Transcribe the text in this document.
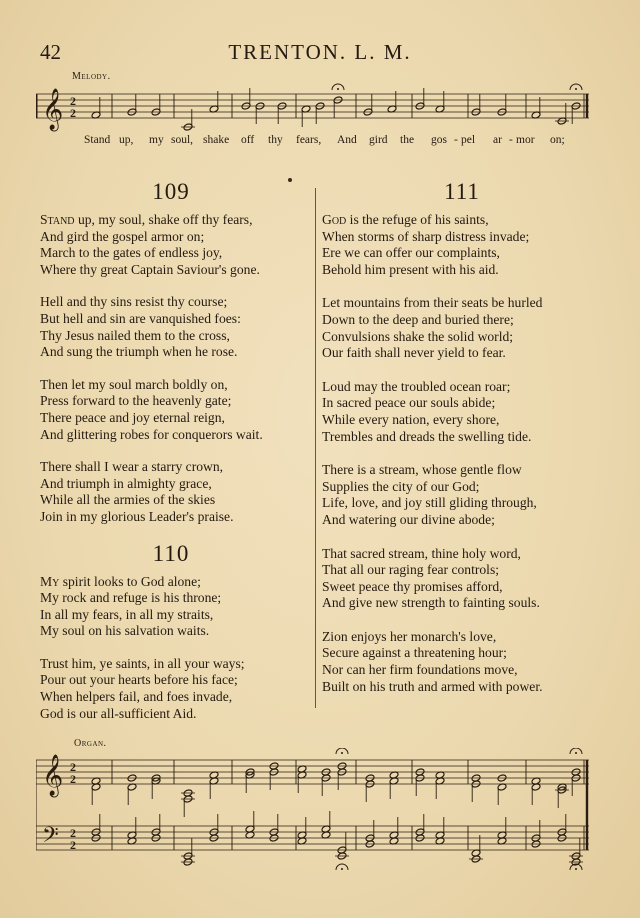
42	TRENTON. L. M.
Melody.
𝄞 2
2
Stand up, my soul, shake off thy fears, And gird the gos - pel ar - mor on;
109
Stand up, my soul, shake off thy fears,
And gird the gospel armor on;
March to the gates of endless joy,
Where thy great Captain Saviour's gone.
Hell and thy sins resist thy course;
But hell and sin are vanquished foes:
Thy Jesus nailed them to the cross,
And sung the triumph when he rose.
Then let my soul march boldly on,
Press forward to the heavenly gate;
There peace and joy eternal reign,
And glittering robes for conquerors wait.
There shall I wear a starry crown,
And triumph in almighty grace,
While all the armies of the skies
Join in my glorious Leader's praise.
110
My spirit looks to God alone;
My rock and refuge is his throne;
In all my fears, in all my straits,
My soul on his salvation waits.
Trust him, ye saints, in all your ways;
Pour out your hearts before his face;
When helpers fail, and foes invade,
God is our all-sufficient Aid.
111
God is the refuge of his saints,
When storms of sharp distress invade;
Ere we can offer our complaints,
Behold him present with his aid.
Let mountains from their seats be hurled
Down to the deep and buried there;
Convulsions shake the solid world;
Our faith shall never yield to fear.
Loud may the troubled ocean roar;
In sacred peace our souls abide;
While every nation, every shore,
Trembles and dreads the swelling tide.
There is a stream, whose gentle flow
Supplies the city of our God;
Life, love, and joy still gliding through,
And watering our divine abode;
That sacred stream, thine holy word,
That all our raging fear controls;
Sweet peace thy promises afford,
And give new strength to fainting souls.
Zion enjoys her monarch's love,
Secure against a threatening hour;
Nor can her firm foundations move,
Built on his truth and armed with power.
Organ.
𝄞 2
2
𝄢 2
2
